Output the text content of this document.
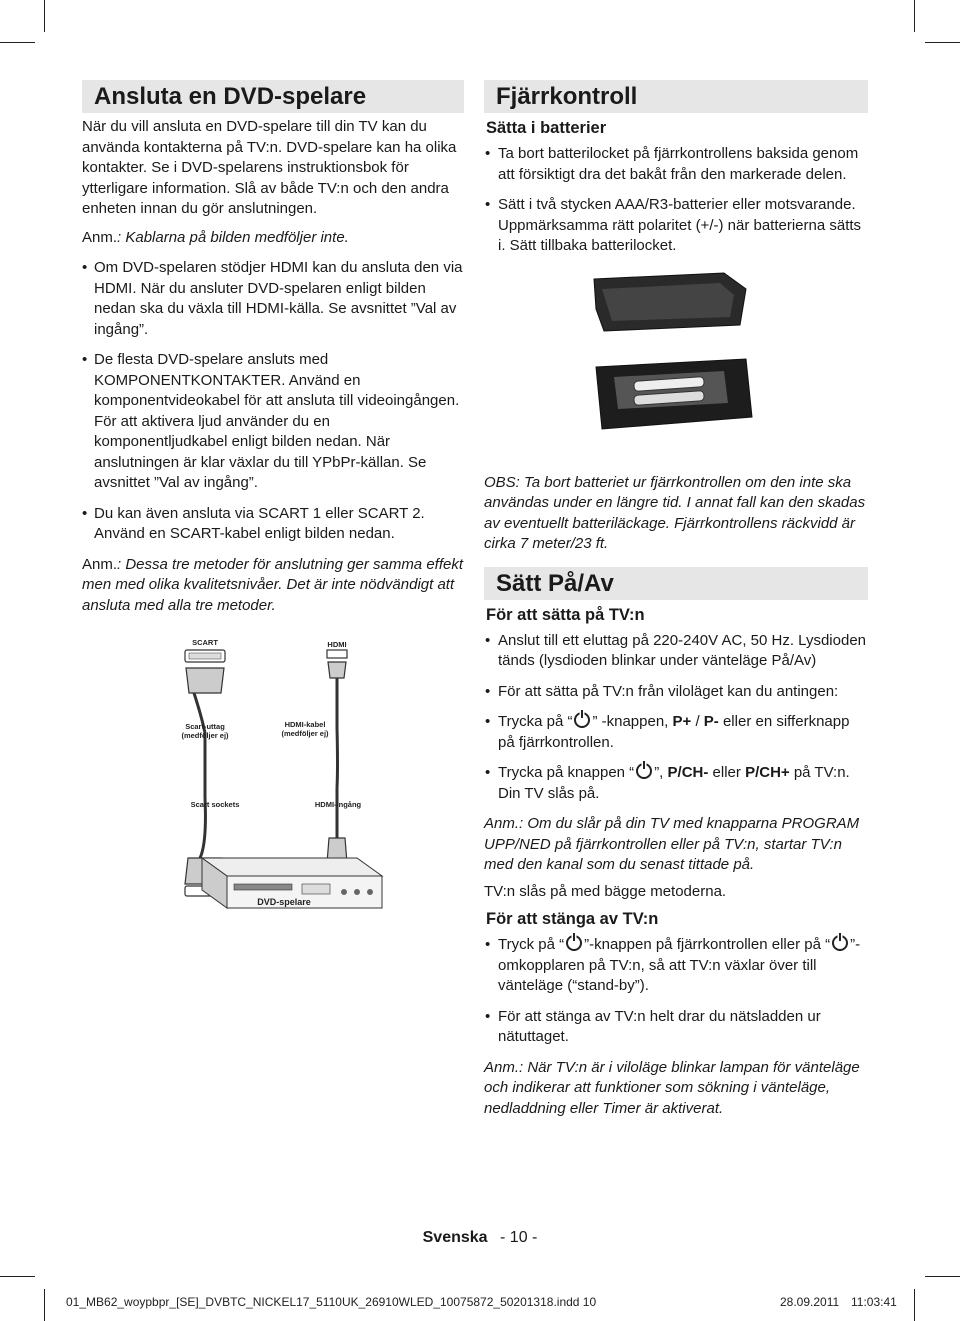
Ansluta en DVD-spelare

När du vill ansluta en DVD-spelare till din TV kan du använda kontakterna på TV:n. DVD-spelare kan ha olika kontakter. Se i DVD-spelarens instruktionsbok för ytterligare information. Slå av både TV:n och den andra enheten innan du gör anslutningen.

Anm.: Kablarna på bilden medföljer inte.

• Om DVD-spelaren stödjer HDMI kan du ansluta den via HDMI. När du ansluter DVD-spelaren enligt bilden nedan ska du växla till HDMI-källa. Se avsnittet ”Val av ingång”.
• De flesta DVD-spelare ansluts med KOMPONENTKONTAKTER. Använd en komponentvideokabel för att ansluta till videoingången. För att aktivera ljud använder du en komponentljudkabel enligt bilden nedan. När anslutningen är klar växlar du till YPbPr-källan. Se avsnittet ”Val av ingång”.
• Du kan även ansluta via SCART 1 eller SCART 2. Använd en SCART-kabel enligt bilden nedan.

Anm.: Dessa tre metoder för anslutning ger samma effekt men med olika kvalitetsnivåer. Det är inte nödvändigt att ansluta med alla tre metoder.

SCART	HDMI
Scart-uttag (medföljer ej)
HDMI-kabel (medföljer ej)
Scart sockets	HDMI-ingång
DVD-spelare
Fjärrkontroll
Sätta i batterier
• Ta bort batterilocket på fjärrkontrollens baksida genom att försiktigt dra det bakåt från den markerade delen.
• Sätt i två stycken AAA/R3-batterier eller motsvarande. Uppmärksamma rätt polaritet (+/-) när batterierna sätts i. Sätt tillbaka batterilocket.

OBS: Ta bort batteriet ur fjärrkontrollen om den inte ska användas under en längre tid. I annat fall kan den skadas av eventuellt batteriläckage. Fjärrkontrollens räckvidd är cirka 7 meter/23 ft.

Sätt På/Av
För att sätta på TV:n
• Anslut till ett eluttag på 220-240V AC, 50 Hz. Lysdioden tänds (lysdioden blinkar under vänteläge På/Av)
• För att sätta på TV:n från viloläget kan du antingen:
• Trycka på “ ” -knappen, P+ / P- eller en sifferknapp på fjärrkontrollen.
• Trycka på knappen “ ”, P/CH- eller P/CH+ på TV:n. Din TV slås på.

Anm.: Om du slår på din TV med knapparna PROGRAM UPP/NED på fjärrkontrollen eller på TV:n, startar TV:n med den kanal som du senast tittade på.

TV:n slås på med bägge metoderna.

För att stänga av TV:n
• Tryck på “ ”-knappen på fjärrkontrollen eller på “ ”-omkopplaren på TV:n, så att TV:n växlar över till vänteläge (“stand-by”).
• För att stänga av TV:n helt drar du nätsladden ur nätuttaget.

Anm.: När TV:n är i viloläge blinkar lampan för vänteläge och indikerar att funktioner som sökning i vänteläge, nedladdning eller Timer är aktiverat.

Svenska - 10 -
01_MB62_woypbpr_[SE]_DVBTC_NICKEL17_5110UK_26910WLED_10075872_50201318.indd 10	28.09.2011 11:03:41
